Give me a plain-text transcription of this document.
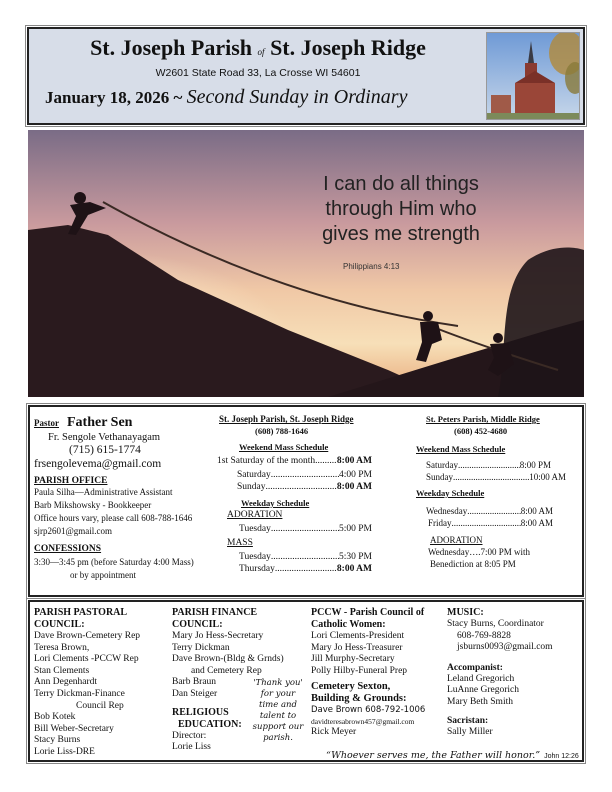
St. Joseph Parish of St. Joseph Ridge
W2601 State Road 33, La Crosse WI 54601
January 18, 2026 ~ Second Sunday in Ordinary
I can do all things
through Him who
gives me strength
Philippians 4:13
Pastor Father Sen
Fr. Sengole Vethanayagam
(715) 615-1774
frsengolevema@gmail.com
PARISH OFFICE
Paula Silha—Administrative Assistant
Barb Mikshowsky - Bookkeeper
Office hours vary, please call 608-788-1646
sjrp2601@gmail.com
CONFESSIONS
3:30—3:45 pm (before Saturday 4:00 Mass)
or by appointment
St. Joseph Parish, St. Joseph Ridge
(608) 788-1646
Weekend Mass Schedule
1st Saturday of the month ..... 8:00 AM
Saturday .....	4:00 PM
Sunday .....	8:00 AM
Weekday Schedule
ADORATION
Tuesday .....	5:00 PM
MASS
Tuesday .....	5:30 PM
Thursday .....	8:00 AM
St. Peters Parish, Middle Ridge
(608) 452-4680
Weekend Mass Schedule
Saturday .....	8:00 PM
Sunday .....	10:00 AM
Weekday Schedule
Wednesday .....	8:00 AM
Friday .....	8:00 AM
ADORATION
Wednesday….7:00 PM with
Benediction at 8:05 PM
PARISH PASTORAL
COUNCIL:
Dave Brown-Cemetery Rep
Teresa Brown,
Lori Clements -PCCW Rep
Stan Clements
Ann Degenhardt
Terry Dickman-Finance
Council Rep
Bob Kotek
Bill Weber-Secretary
Stacy Burns
Lorie Liss-DRE
PARISH FINANCE
COUNCIL:
Mary Jo Hess-Secretary
Terry Dickman
Dave Brown-(Bldg & Grnds)
and Cemetery Rep
Barb Braun
Dan Steiger
RELIGIOUS
EDUCATION:
Director:
Lorie Liss
'Thank you'
for your
time and
talent to
support our
parish.
PCCW - Parish Council of
Catholic Women:
Lori Clements-President
Mary Jo Hess-Treasurer
Jill Murphy-Secretary
Polly Hilby-Funeral Prep
Cemetery Sexton,
Building & Grounds:
Dave Brown 608-792-1006
davidteresabrown457@gmail.com
Rick Meyer
MUSIC:
Stacy Burns, Coordinator
608-769-8828
jsburns0093@gmail.com
Accompanist:
Leland Gregorich
LuAnne Gregorich
Mary Beth Smith
Sacristan:
Sally Miller
“Whoever serves me, the Father will honor.” John 12:26
